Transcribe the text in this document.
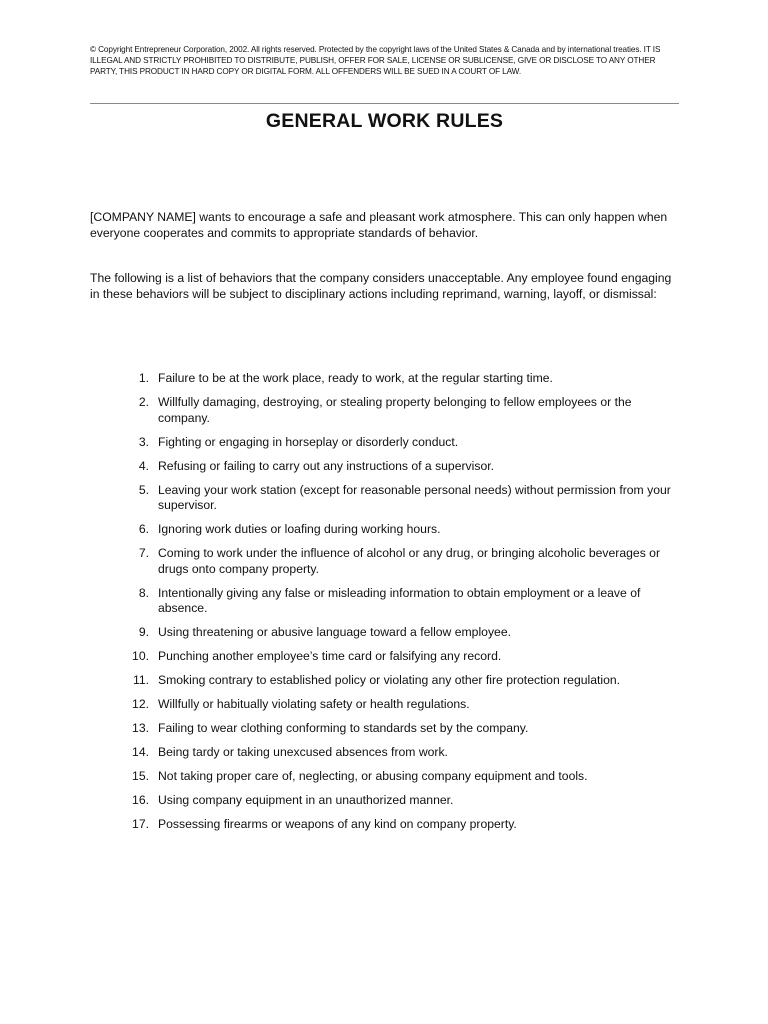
© Copyright Entrepreneur Corporation, 2002. All rights reserved. Protected by the copyright laws of the United States & Canada and by international treaties. IT IS ILLEGAL AND STRICTLY PROHIBITED TO DISTRIBUTE, PUBLISH, OFFER FOR SALE, LICENSE OR SUBLICENSE, GIVE OR DISCLOSE TO ANY OTHER PARTY, THIS PRODUCT IN HARD COPY OR DIGITAL FORM. ALL OFFENDERS WILL BE SUED IN A COURT OF LAW.
GENERAL WORK RULES

[COMPANY NAME] wants to encourage a safe and pleasant work atmosphere. This can only happen when everyone cooperates and commits to appropriate standards of behavior.

The following is a list of behaviors that the company considers unacceptable. Any employee found engaging in these behaviors will be subject to disciplinary actions including reprimand, warning, layoff, or dismissal:

1. Failure to be at the work place, ready to work, at the regular starting time.
2. Willfully damaging, destroying, or stealing property belonging to fellow employees or the company.
3. Fighting or engaging in horseplay or disorderly conduct.
4. Refusing or failing to carry out any instructions of a supervisor.
5. Leaving your work station (except for reasonable personal needs) without permission from your supervisor.
6. Ignoring work duties or loafing during working hours.
7. Coming to work under the influence of alcohol or any drug, or bringing alcoholic beverages or drugs onto company property.
8. Intentionally giving any false or misleading information to obtain employment or a leave of absence.
9. Using threatening or abusive language toward a fellow employee.
10. Punching another employee’s time card or falsifying any record.
11. Smoking contrary to established policy or violating any other fire protection regulation.
12. Willfully or habitually violating safety or health regulations.
13. Failing to wear clothing conforming to standards set by the company.
14. Being tardy or taking unexcused absences from work.
15. Not taking proper care of, neglecting, or abusing company equipment and tools.
16. Using company equipment in an unauthorized manner.
17. Possessing firearms or weapons of any kind on company property.
